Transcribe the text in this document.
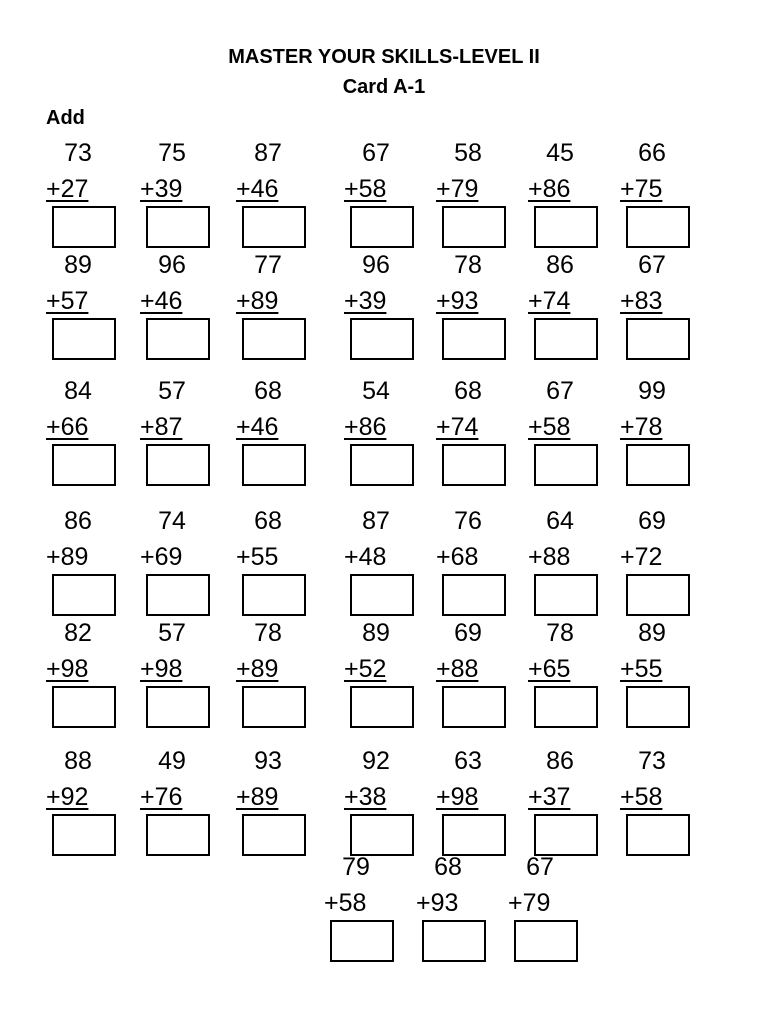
MASTER YOUR SKILLS-LEVEL II
Card A-1
Add
73
+27
75
+39
87
+46
67
+58
58
+79
45
+86
66
+75
89
+57
96
+46
77
+89
96
+39
78
+93
86
+74
67
+83
84
+66
57
+87
68
+46
54
+86
68
+74
67
+58
99
+78
86
+89
74
+69
68
+55
87
+48
76
+68
64
+88
69
+72
82
+98
57
+98
78
+89
89
+52
69
+88
78
+65
89
+55
88
+92
49
+76
93
+89
92
+38
63
+98
86
+37
73
+58
79
+58
68
+93
67
+79
